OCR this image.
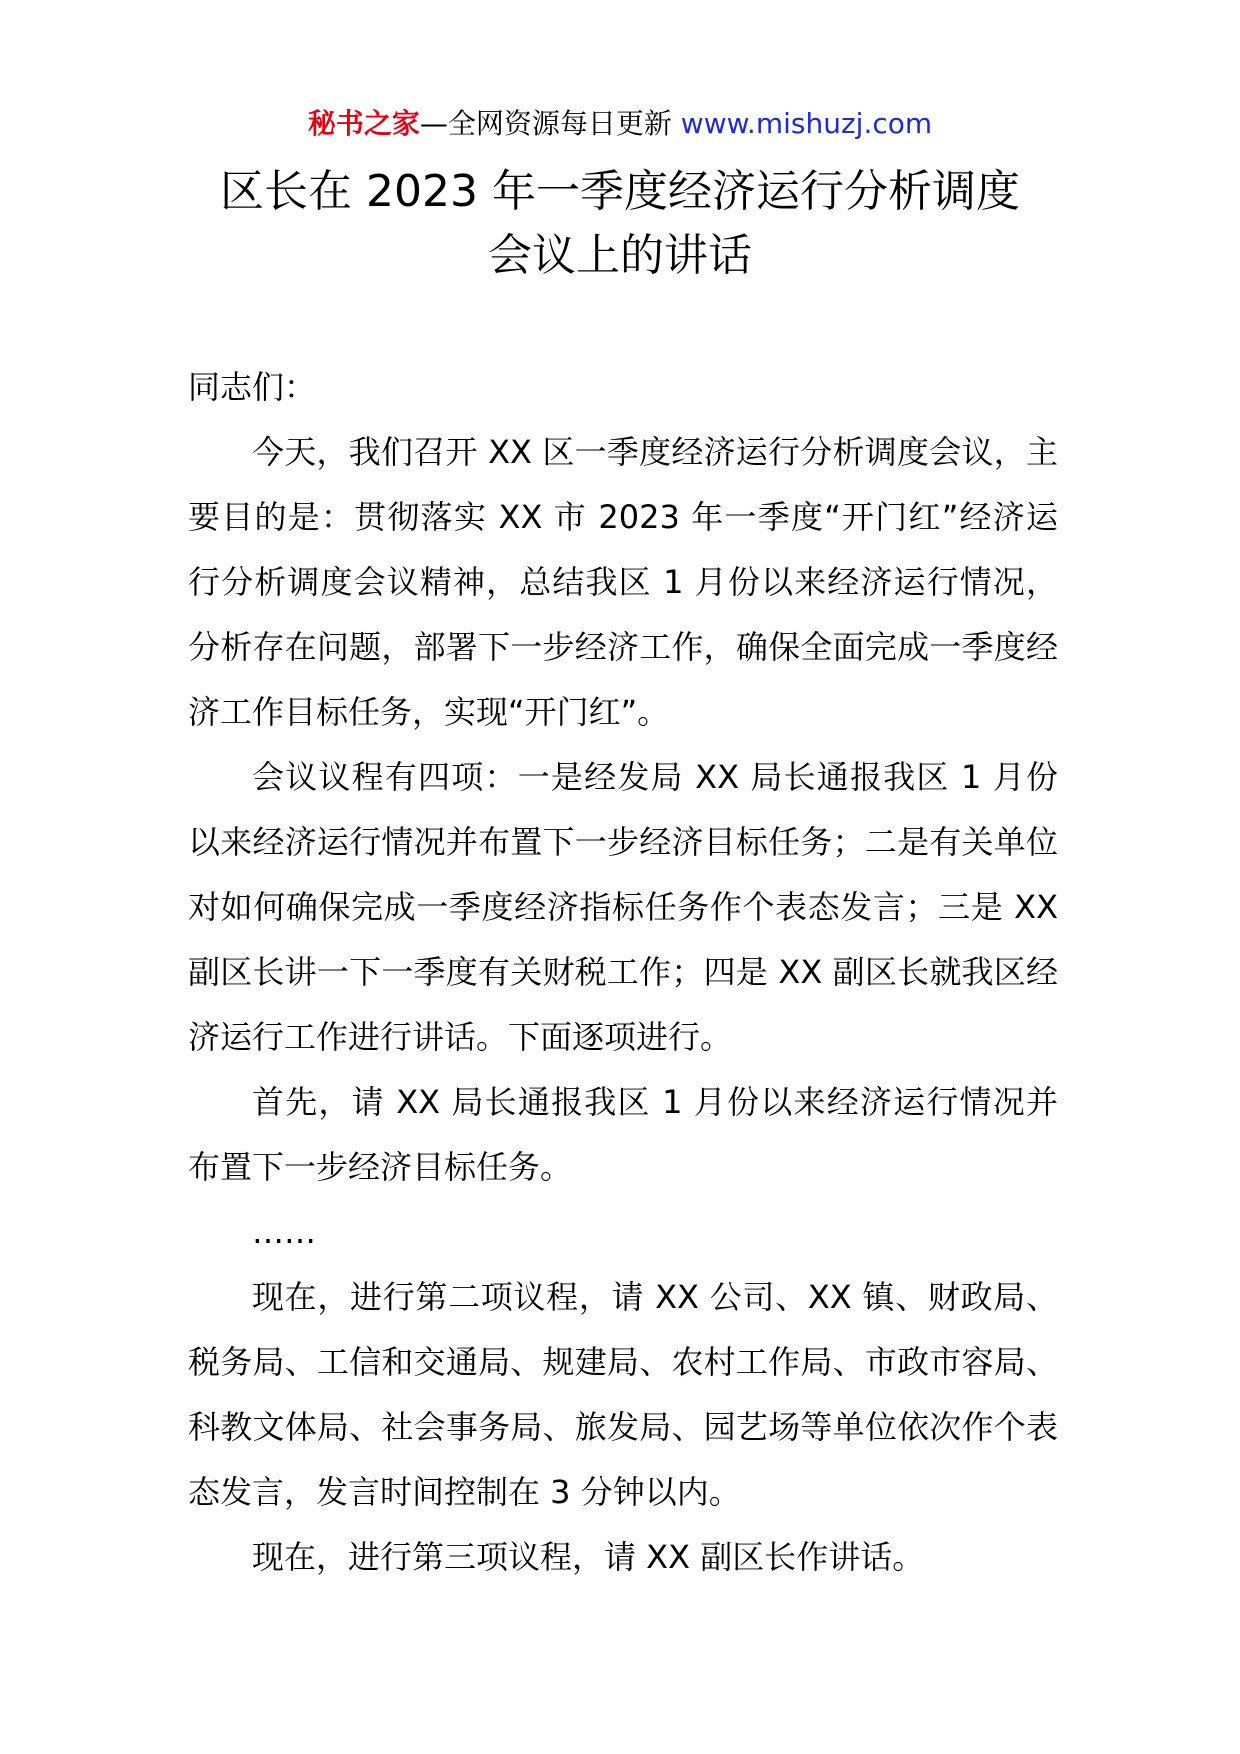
秘书之家—全网资源每日更新 www.mishuzj.com
区长在 2023 年一季度经济运行分析调度
会议上的讲话

同志们：

今天，我们召开 XX 区一季度经济运行分析调度会议，主要目的是：贯彻落实 XX 市 2023 年一季度“开门红”经济运行分析调度会议精神，总结我区 1 月份以来经济运行情况，分析存在问题，部署下一步经济工作，确保全面完成一季度经济工作目标任务，实现“开门红”。

会议议程有四项：一是经发局 XX 局长通报我区 1 月份以来经济运行情况并布置下一步经济目标任务；二是有关单位对如何确保完成一季度经济指标任务作个表态发言；三是 XX 副区长讲一下一季度有关财税工作；四是 XX 副区长就我区经济运行工作进行讲话。下面逐项进行。

首先，请 XX 局长通报我区 1 月份以来经济运行情况并布置下一步经济目标任务。

……

现在，进行第二项议程，请 XX 公司、XX 镇、财政局、税务局、工信和交通局、规建局、农村工作局、市政市容局、科教文体局、社会事务局、旅发局、园艺场等单位依次作个表态发言，发言时间控制在 3 分钟以内。

现在，进行第三项议程，请 XX 副区长作讲话。
